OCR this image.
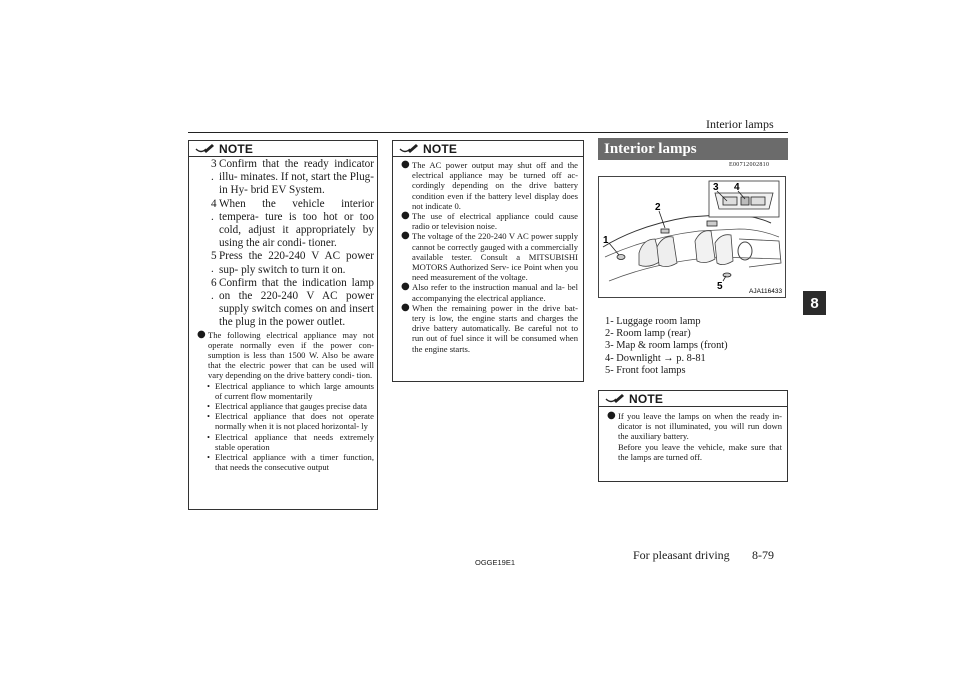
Interior lamps
8
NOTE
3
.
Confirm that the ready indicator illu- minates. If not, start the Plug-in Hy- brid EV System.
4
.
When the vehicle interior tempera- ture is too hot or too cold, adjust it appropriately by using the air condi- tioner.
5
.
Press the 220-240 V AC power sup- ply switch to turn it on.
6
.
Confirm that the indication lamp on the 220-240 V AC power supply switch comes on and insert the plug in the power outlet.
● The following electrical appliance may not operate normally even if the power con- sumption is less than 1500 W. Also be aware that the electric power that can be used will vary depending on the drive battery condi- tion.
• Electrical appliance to which large amounts of current flow momentarily
• Electrical appliance that gauges precise data
• Electrical appliance that does not operate normally when it is not placed horizontal- ly
• Electrical appliance that needs extremely stable operation
• Electrical appliance with a timer function, that needs the consecutive output
NOTE
● The AC power output may shut off and the electrical appliance may be turned off ac- cordingly depending on the drive battery condition even if the battery level display does not indicate 0.
● The use of electrical appliance could cause radio or television noise.
● The voltage of the 220-240 V AC power supply cannot be correctly gauged with a commercially available tester. Consult a MITSUBISHI MOTORS Authorized Serv- ice Point when you need measurement of the voltage.
● Also refer to the instruction manual and la- bel accompanying the electrical appliance.
● When the remaining power in the drive bat- tery is low, the engine starts and charges the drive battery automatically. Be careful not to run out of fuel since it will be consumed when the engine starts.
Interior lamps
E00712002810
1
2
3 4
5	AJA116433
1- Luggage room lamp
2- Room lamp (rear)
3- Map & room lamps (front)
4- Downlight → p. 8-81
5- Front foot lamps
NOTE
● If you leave the lamps on when the ready in- dicator is not illuminated, you will run down the auxiliary battery.
Before you leave the vehicle, make sure that the lamps are turned off.
OGGE19E1
For pleasant driving 8-79
